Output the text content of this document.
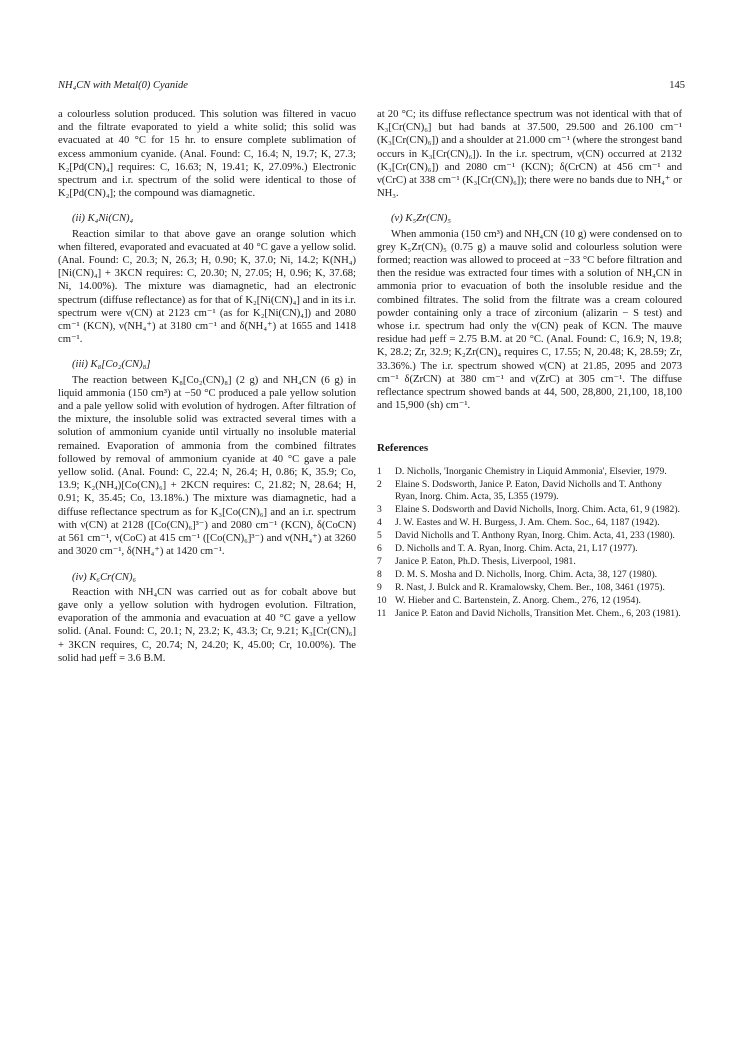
NH₄CN with Metal(0) Cyanide	145

a colourless solution produced. This solution was filtered in vacuo and the filtrate evaporated to yield a white solid; this solid was evacuated at 40 °C for 15 hr. to ensure complete sublimation of excess ammonium cyanide. (Anal. Found: C, 16.4; N, 19.7; K, 27.3; K₂[Pd(CN)₄] requires: C, 16.63; N, 19.41; K, 27.09%.) Electronic spectrum and i.r. spectrum of the solid were identical to those of K₂[Pd(CN)₄]; the compound was diamagnetic.

(ii) K₄Ni(CN)₄

Reaction similar to that above gave an orange solution which when filtered, evaporated and evacuated at 40 °C gave a yellow solid. (Anal. Found: C, 20.3; N, 26.3; H, 0.90; K, 37.0; Ni, 14.2; K(NH₄)[Ni(CN)₄] + 3KCN requires: C, 20.30; N, 27.05; H, 0.96; K, 37.68; Ni, 14.00%). The mixture was diamagnetic, had an electronic spectrum (diffuse reflectance) as for that of K₂[Ni(CN)₄] and in its i.r. spectrum were ν(CN) at 2123 cm⁻¹ (as for K₂[Ni(CN)₄]) and 2080 cm⁻¹ (KCN), ν(NH₄⁺) at 3180 cm⁻¹ and δ(NH₄⁺) at 1655 and 1418 cm⁻¹.

(iii) K₈[Co₂(CN)₈]

The reaction between K₈[Co₂(CN)₈] (2 g) and NH₄CN (6 g) in liquid ammonia (150 cm³) at −50 °C produced a pale yellow solution and a pale yellow solid with evolution of hydrogen. After filtration of the mixture, the insoluble solid was extracted several times with a solution of ammonium cyanide until virtually no insoluble material remained. Evaporation of ammonia from the combined filtrates followed by removal of ammonium cyanide at 40 °C gave a pale yellow solid. (Anal. Found: C, 22.4; N, 26.4; H, 0.86; K, 35.9; Co, 13.9; K₂(NH₄)[Co(CN)₆] + 2KCN requires: C, 21.82; N, 28.64; H, 0.91; K, 35.45; Co, 13.18%.) The mixture was diamagnetic, had a diffuse reflectance spectrum as for K₃[Co(CN)₆] and an i.r. spectrum with ν(CN) at 2128 ([Co(CN)₆]³⁻) and 2080 cm⁻¹ (KCN), δ(CoCN) at 561 cm⁻¹, ν(CoC) at 415 cm⁻¹ ([Co(CN)₆]³⁻) and ν(NH₄⁺) at 3260 and 3020 cm⁻¹, δ(NH₄⁺) at 1420 cm⁻¹.

(iv) K₆Cr(CN)₆

Reaction with NH₄CN was carried out as for cobalt above but gave only a yellow solution with hydrogen evolution. Filtration, evaporation of the ammonia and evacuation at 40 °C gave a yellow solid. (Anal. Found: C, 20.1; N, 23.2; K, 43.3; Cr, 9.21; K₃[Cr(CN)₆] + 3KCN requires, C, 20.74; N, 24.20; K, 45.00; Cr, 10.00%). The solid had μeff = 3.6 B.M.

at 20 °C; its diffuse reflectance spectrum was not identical with that of K₃[Cr(CN)₆] but had bands at 37.500, 29.500 and 26.100 cm⁻¹ (K₃[Cr(CN)₆]) and a shoulder at 21.000 cm⁻¹ (where the strongest band occurs in K₃[Cr(CN)₆]). In the i.r. spectrum, ν(CN) occurred at 2132 (K₃[Cr(CN)₆]) and 2080 cm⁻¹ (KCN); δ(CrCN) at 456 cm⁻¹ and ν(CrC) at 338 cm⁻¹ (K₃[Cr(CN)₆]); there were no bands due to NH₄⁺ or NH₃.

(v) K₅Zr(CN)₅

When ammonia (150 cm³) and NH₄CN (10 g) were condensed on to grey K₅Zr(CN)₅ (0.75 g) a mauve solid and colourless solution were formed; reaction was allowed to proceed at −33 °C before filtration and then the residue was extracted four times with a solution of NH₄CN in ammonia prior to evacuation of both the insoluble residue and the combined filtrates. The solid from the filtrate was a cream coloured powder containing only a trace of zirconium (alizarin − S test) and whose i.r. spectrum had only the ν(CN) peak of KCN. The mauve residue had μeff = 2.75 B.M. at 20 °C. (Anal. Found: C, 16.9; N, 19.8; K, 28.2; Zr, 32.9; K₂Zr(CN)₄ requires C, 17.55; N, 20.48; K, 28.59; Zr, 33.36%.) The i.r. spectrum showed ν(CN) at 21.85, 2095 and 2073 cm⁻¹ δ(ZrCN) at 380 cm⁻¹ and ν(ZrC) at 305 cm⁻¹. The diffuse reflectance spectrum showed bands at 44, 500, 28,800, 21,100, 18,100 and 15,900 (sh) cm⁻¹.

References
1	D. Nicholls, 'Inorganic Chemistry in Liquid Ammonia', Elsevier, 1979.
2	Elaine S. Dodsworth, Janice P. Eaton, David Nicholls and T. Anthony Ryan, Inorg. Chim. Acta, 35, L355 (1979).
3	Elaine S. Dodsworth and David Nicholls, Inorg. Chim. Acta, 61, 9 (1982).
4	J. W. Eastes and W. H. Burgess, J. Am. Chem. Soc., 64, 1187 (1942).
5	David Nicholls and T. Anthony Ryan, Inorg. Chim. Acta, 41, 233 (1980).
6	D. Nicholls and T. A. Ryan, Inorg. Chim. Acta, 21, L17 (1977).
7	Janice P. Eaton, Ph.D. Thesis, Liverpool, 1981.
8	D. M. S. Mosha and D. Nicholls, Inorg. Chim. Acta, 38, 127 (1980).
9	R. Nast, J. Bulck and R. Kramalowsky, Chem. Ber., 108, 3461 (1975).
10 W. Hieber and C. Bartenstein, Z. Anorg. Chem., 276, 12 (1954).
11 Janice P. Eaton and David Nicholls, Transition Met. Chem., 6, 203 (1981).
